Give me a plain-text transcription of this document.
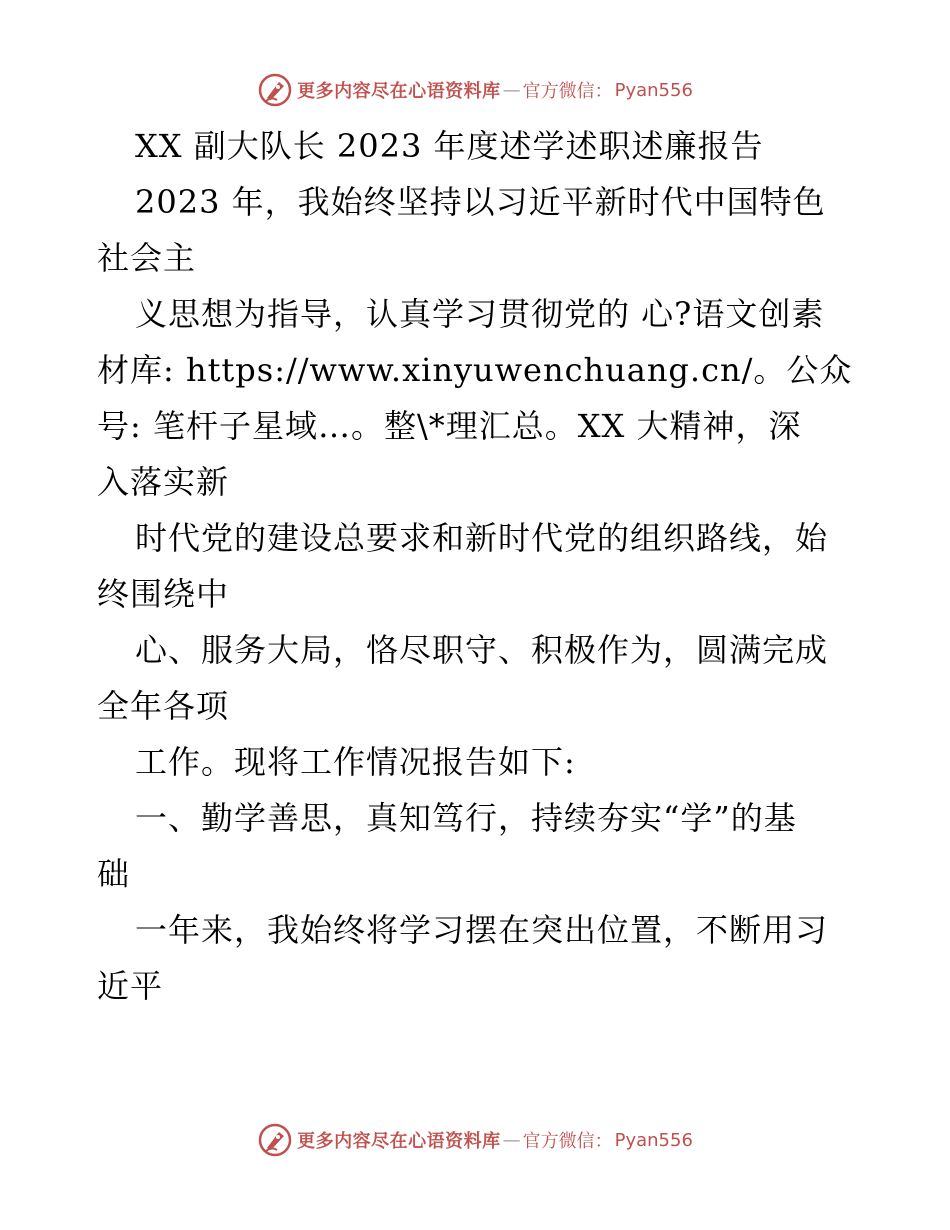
更多内容尽在心语资料库 — 官方微信： Pyan556
XX 副大队长 2023 年度述学述职述廉报告
2023 年，我始终坚持以习近平新时代中国特色
社会主
义思想为指导，认真学习贯彻党的 心?语文创素
材库: https://www.xinyuwenchuang.cn/。公众
号: 笔杆子星域…。整\*理汇总。XX 大精神，深
入落实新
时代党的建设总要求和新时代党的组织路线，始
终围绕中
心、服务大局，恪尽职守、积极作为，圆满完成
全年各项
工作。现将工作情况报告如下:
一、勤学善思，真知笃行，持续夯实“学”的基
础
一年来，我始终将学习摆在突出位置，不断用习
近平
更多内容尽在心语资料库 — 官方微信： Pyan556
